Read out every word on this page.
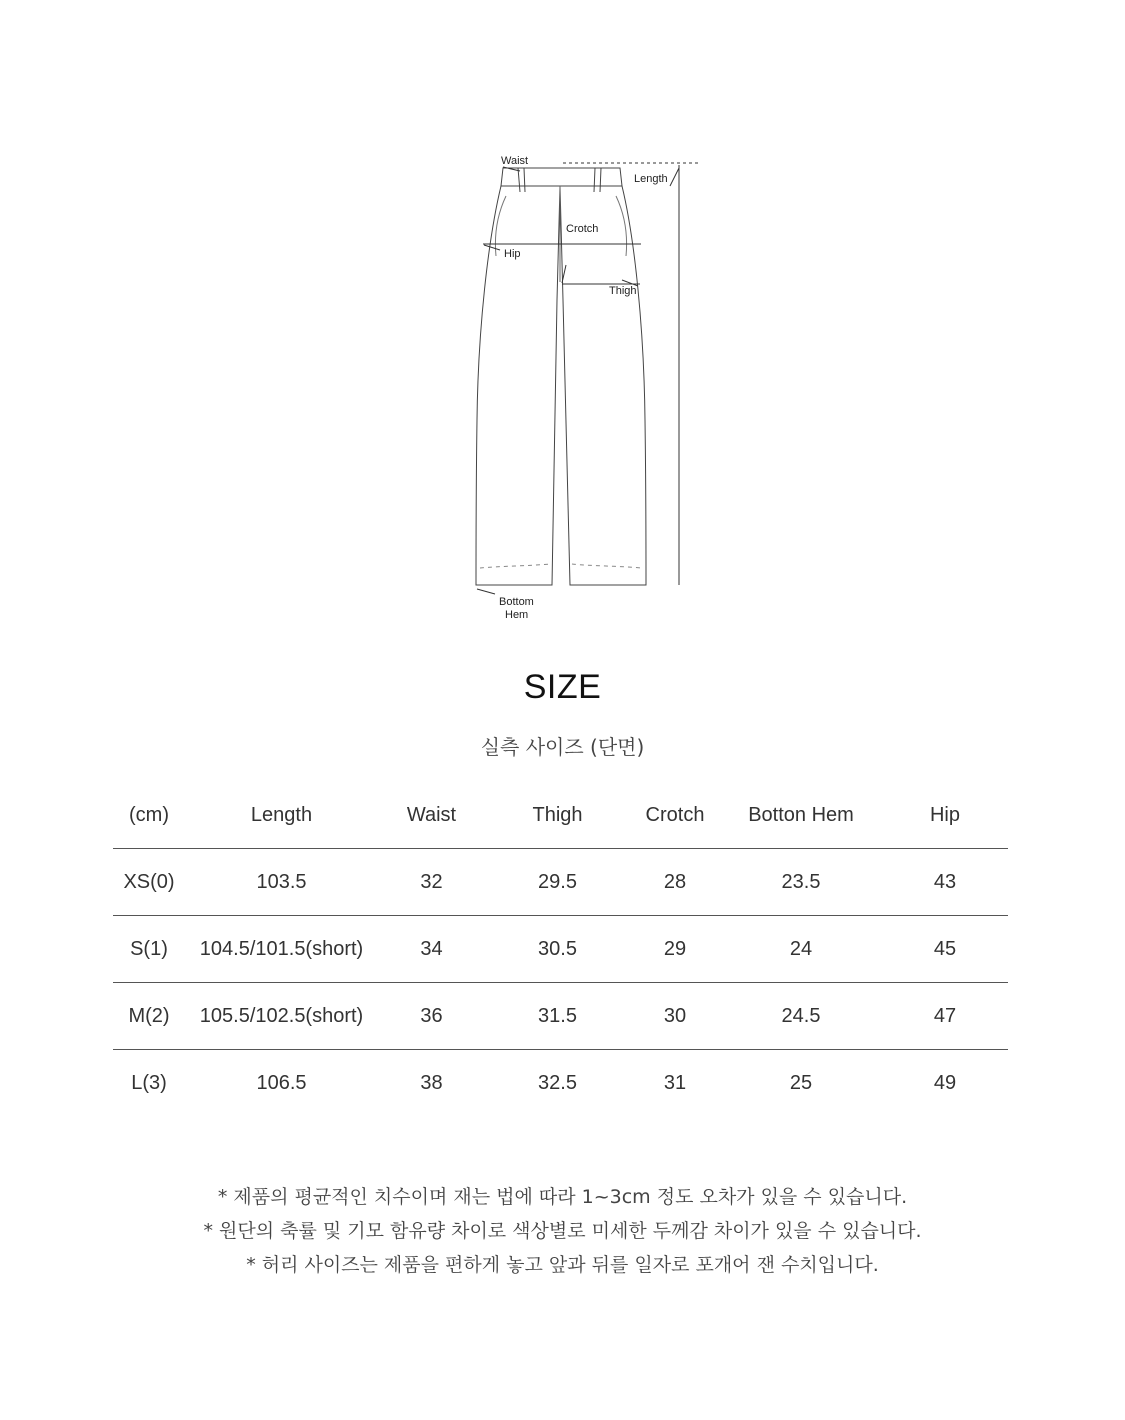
Waist
Length
Crotch
Hip
Thigh
Bottom
Hem
SIZE
실측 사이즈 (단면)
(cm)	Length	Waist	Thigh	Crotch	Botton Hem	Hip
XS(0)	103.5	32	29.5	28	23.5	43
S(1)	104.5/101.5(short)	34	30.5	29	24	45
M(2)	105.5/102.5(short)	36	31.5	30	24.5	47
L(3)	106.5	38	32.5	31	25	49
* 제품의 평균적인 치수이며 재는 법에 따라 1~3cm 정도 오차가 있을 수 있습니다.
* 원단의 축률 및 기모 함유량 차이로 색상별로 미세한 두께감 차이가 있을 수 있습니다.
* 허리 사이즈는 제품을 편하게 놓고 앞과 뒤를 일자로 포개어 잰 수치입니다.
